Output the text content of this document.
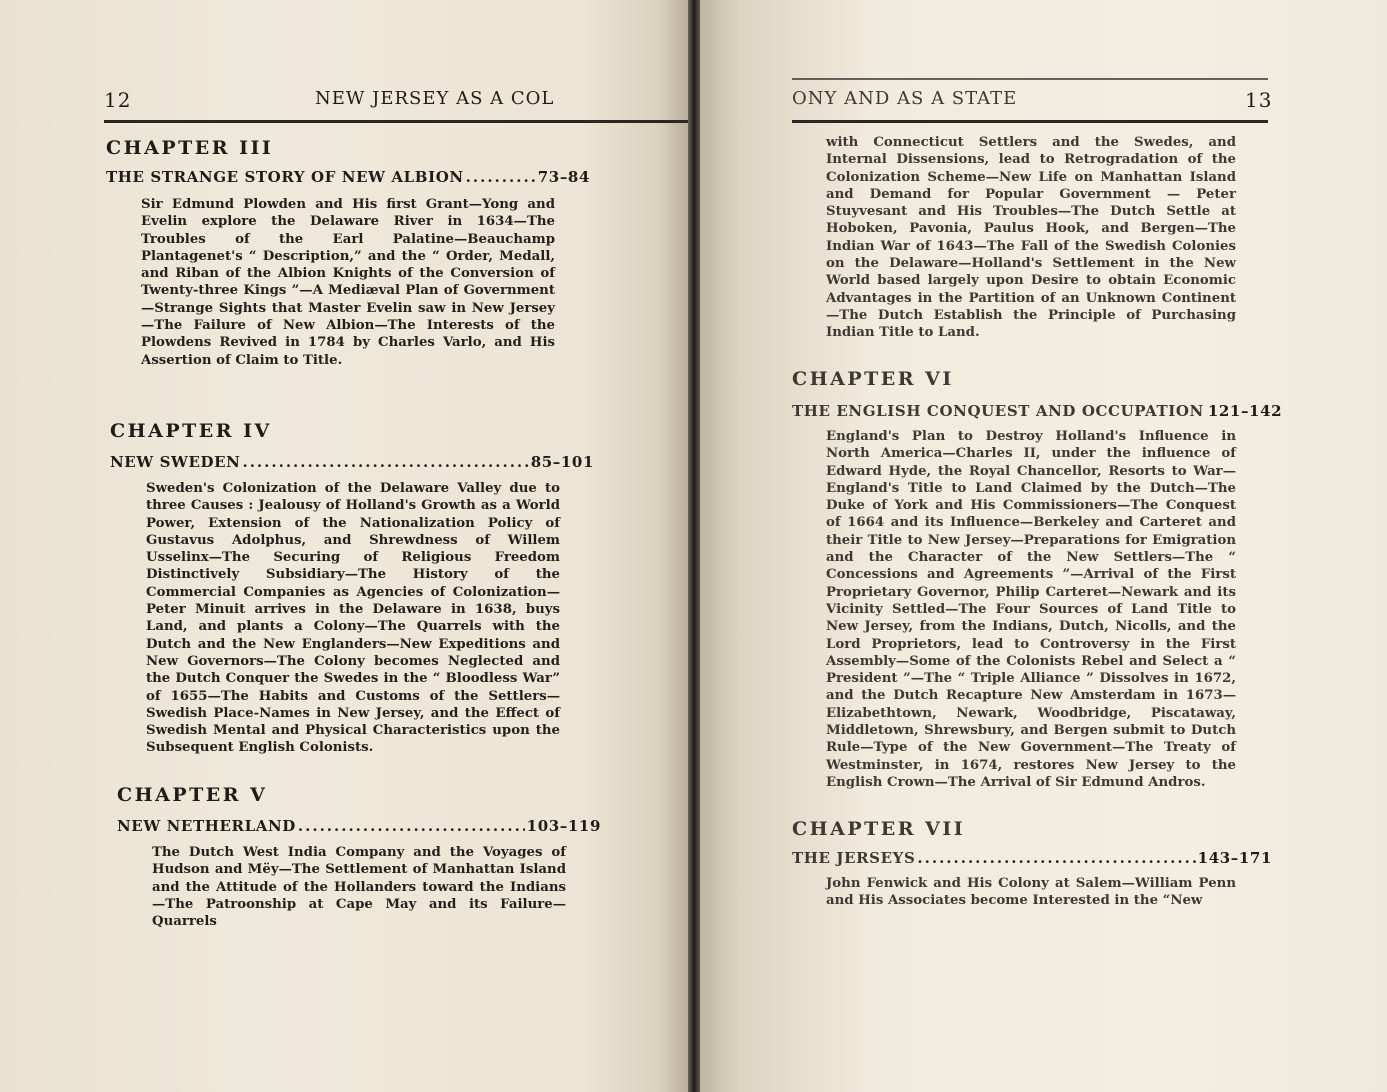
12	NEW JERSEY AS A COL
CHAPTER III
THE STRANGE STORY OF NEW ALBION .....	73–84
Sir Edmund Plowden and His first Grant—Yong and Evelin explore the Delaware River in 1634—The Troubles of the Earl Palatine—Beauchamp Plantagenet's “ Description,” and the “ Order, Medall, and Riban of the Albion Knights of the Conversion of Twenty-three Kings ”—A Mediæval Plan of Government—Strange Sights that Master Evelin saw in New Jersey—The Failure of New Albion—The Interests of the Plowdens Revived in 1784 by Charles Varlo, and His Assertion of Claim to Title.
CHAPTER IV
NEW SWEDEN .....	85–101
Sweden's Colonization of the Delaware Valley due to three Causes : Jealousy of Holland's Growth as a World Power, Extension of the Nationalization Policy of Gustavus Adolphus, and Shrewdness of Willem Usselinx—The Securing of Religious Freedom Distinctively Subsidiary—The History of the Commercial Companies as Agencies of Colonization—Peter Minuit arrives in the Delaware in 1638, buys Land, and plants a Colony—The Quarrels with the Dutch and the New Englanders—New Expeditions and New Governors—The Colony becomes Neglected and the Dutch Conquer the Swedes in the “ Bloodless War” of 1655—The Habits and Customs of the Settlers—Swedish Place-Names in New Jersey, and the Effect of Swedish Mental and Physical Characteristics upon the Subsequent English Colonists.
CHAPTER V
NEW NETHERLAND .....	103–119
The Dutch West India Company and the Voyages of Hudson and Mëy—The Settlement of Manhattan Island and the Attitude of the Hollanders toward the Indians—The Patroonship at Cape May and its Failure—Quarrels
ONY AND AS A STATE	13
with Connecticut Settlers and the Swedes, and Internal Dissensions, lead to Retrogradation of the Colonization Scheme—New Life on Manhattan Island and Demand for Popular Government — Peter Stuyvesant and His Troubles—The Dutch Settle at Hoboken, Pavonia, Paulus Hook, and Bergen—The Indian War of 1643—The Fall of the Swedish Colonies on the Delaware—Holland's Settlement in the New World based largely upon Desire to obtain Economic Advantages in the Partition of an Unknown Continent—The Dutch Establish the Principle of Purchasing Indian Title to Land.
CHAPTER VI
THE ENGLISH CONQUEST AND OCCUPATION 121–142
England's Plan to Destroy Holland's Influence in North America—Charles II, under the influence of Edward Hyde, the Royal Chancellor, Resorts to War—England's Title to Land Claimed by the Dutch—The Duke of York and His Commissioners—The Conquest of 1664 and its Influence—Berkeley and Carteret and their Title to New Jersey—Preparations for Emigration and the Character of the New Settlers—The “ Concessions and Agreements ”—Arrival of the First Proprietary Governor, Philip Carteret—Newark and its Vicinity Settled—The Four Sources of Land Title to New Jersey, from the Indians, Dutch, Nicolls, and the Lord Proprietors, lead to Controversy in the First Assembly—Some of the Colonists Rebel and Select a “ President ”—The “ Triple Alliance ” Dissolves in 1672, and the Dutch Recapture New Amsterdam in 1673—Elizabethtown, Newark, Woodbridge, Piscataway, Middletown, Shrewsbury, and Bergen submit to Dutch Rule—Type of the New Government—The Treaty of Westminster, in 1674, restores New Jersey to the English Crown—The Arrival of Sir Edmund Andros.
CHAPTER VII
THE JERSEYS .....	143–171
John Fenwick and His Colony at Salem—William Penn and His Associates become Interested in the “New
